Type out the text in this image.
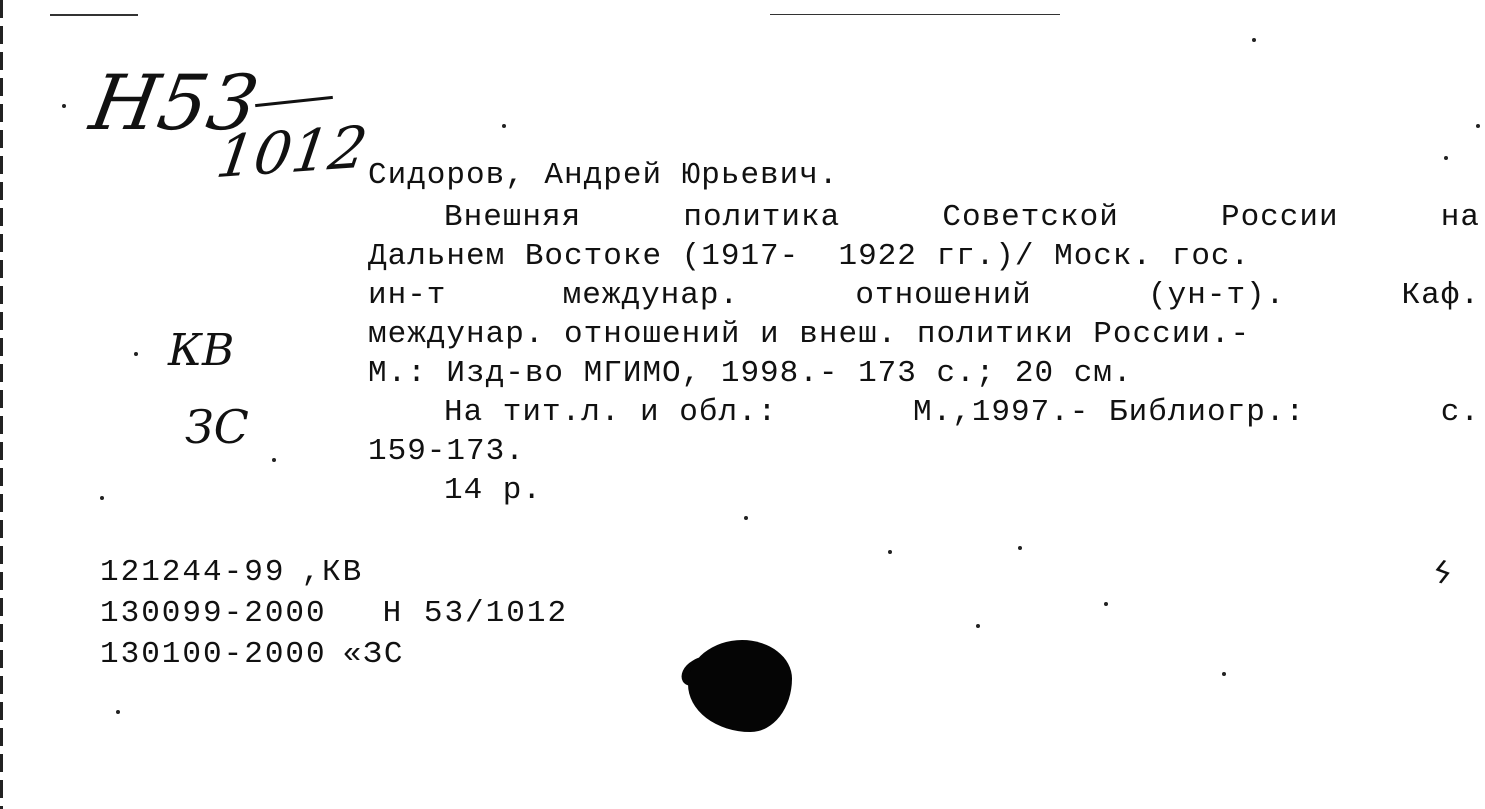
Н53
1012
КВ
ЗС
Сидоров, Андрей Юрьевич.
Внешняя	политика	Советской	России	на
Дальнем Востоке (1917-  1922 гг.)/ Моск. гос.
ин-т	междунар.	отношений	(ун-т).	Каф.
междунар. отношений и внеш. политики России.-
М.: Изд-во МГИМО, 1998.- 173 с.; 20 см.
На тит.л. и обл.:	М.,1997.- Библиогр.:	с.
159-173.
14 р.
121244-99 ,КВ
130099-2000 Н 53/1012
130100-2000 «ЗС
ϟ
